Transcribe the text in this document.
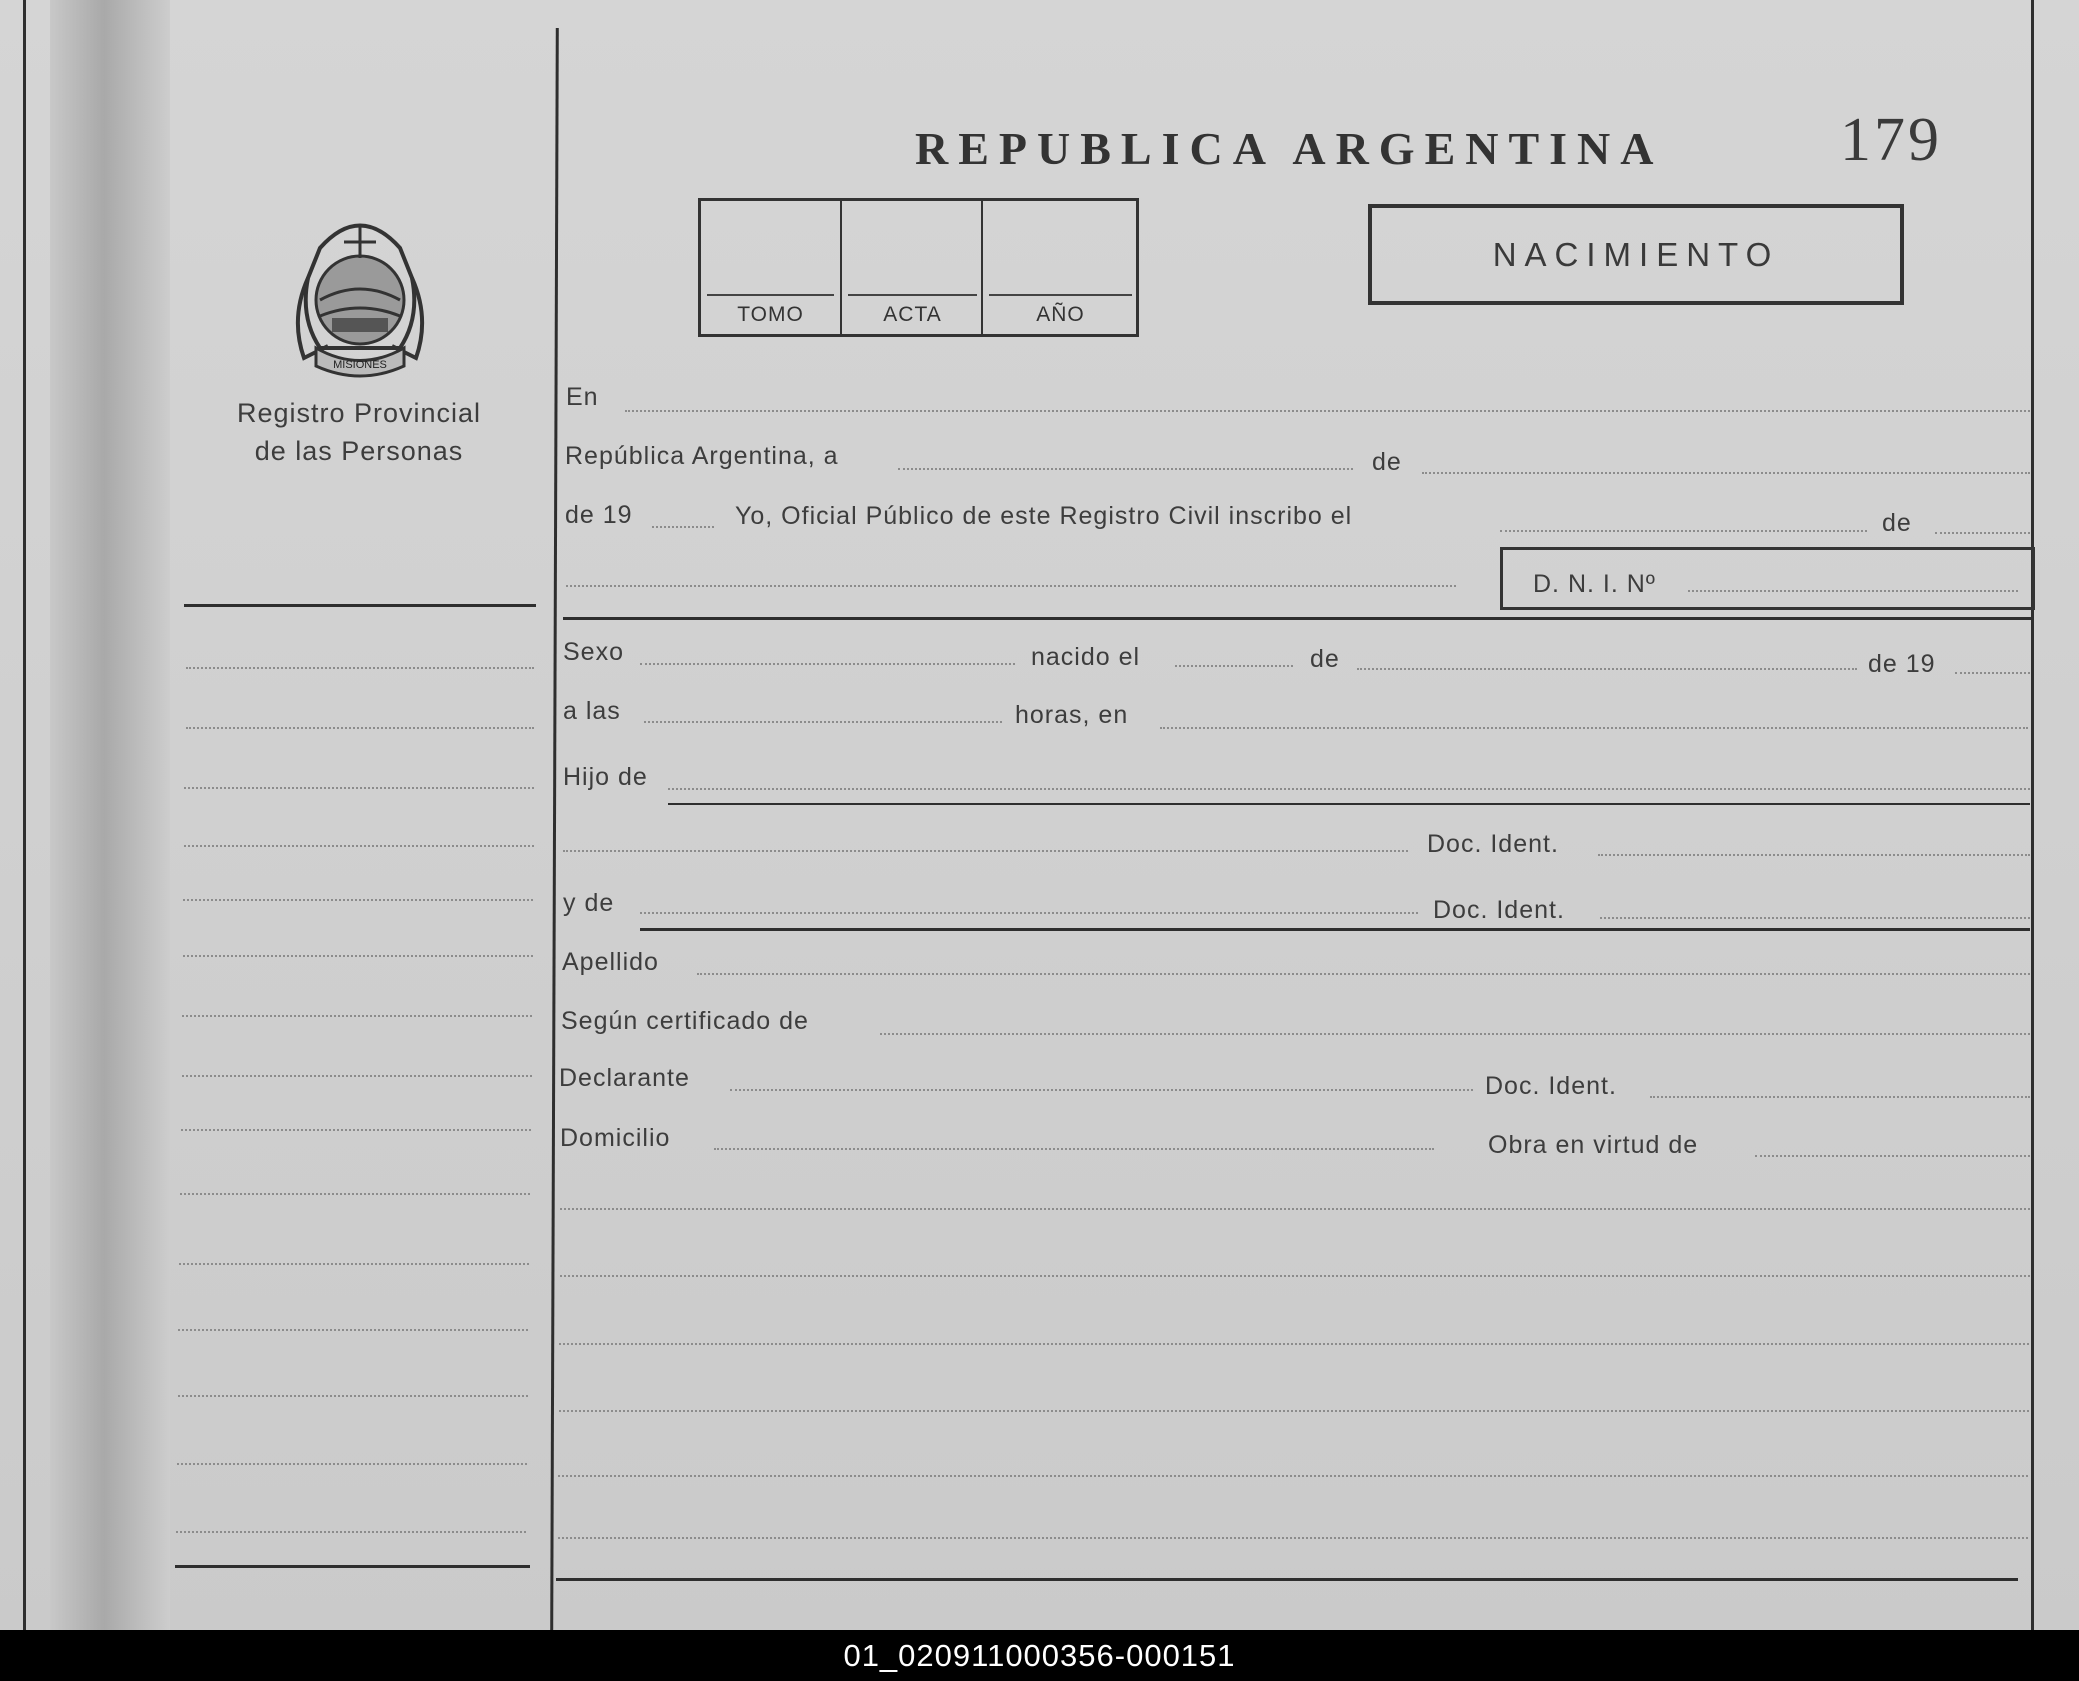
MISIONES
Registro Provincial
de las Personas
REPUBLICA ARGENTINA	179
TOMO	ACTA	AÑO
NACIMIENTO
En
República Argentina, a	de
de 19	Yo, Oficial Público de este Registro Civil inscribo el	de
D. N. I. Nº
Sexo	nacido el	de	de 19
a las	horas, en
Hijo de
Doc. Ident.
y de	Doc. Ident.
Apellido
Según certificado de
Declarante	Doc. Ident.
Domicilio	Obra en virtud de
01_020911000356-000151
